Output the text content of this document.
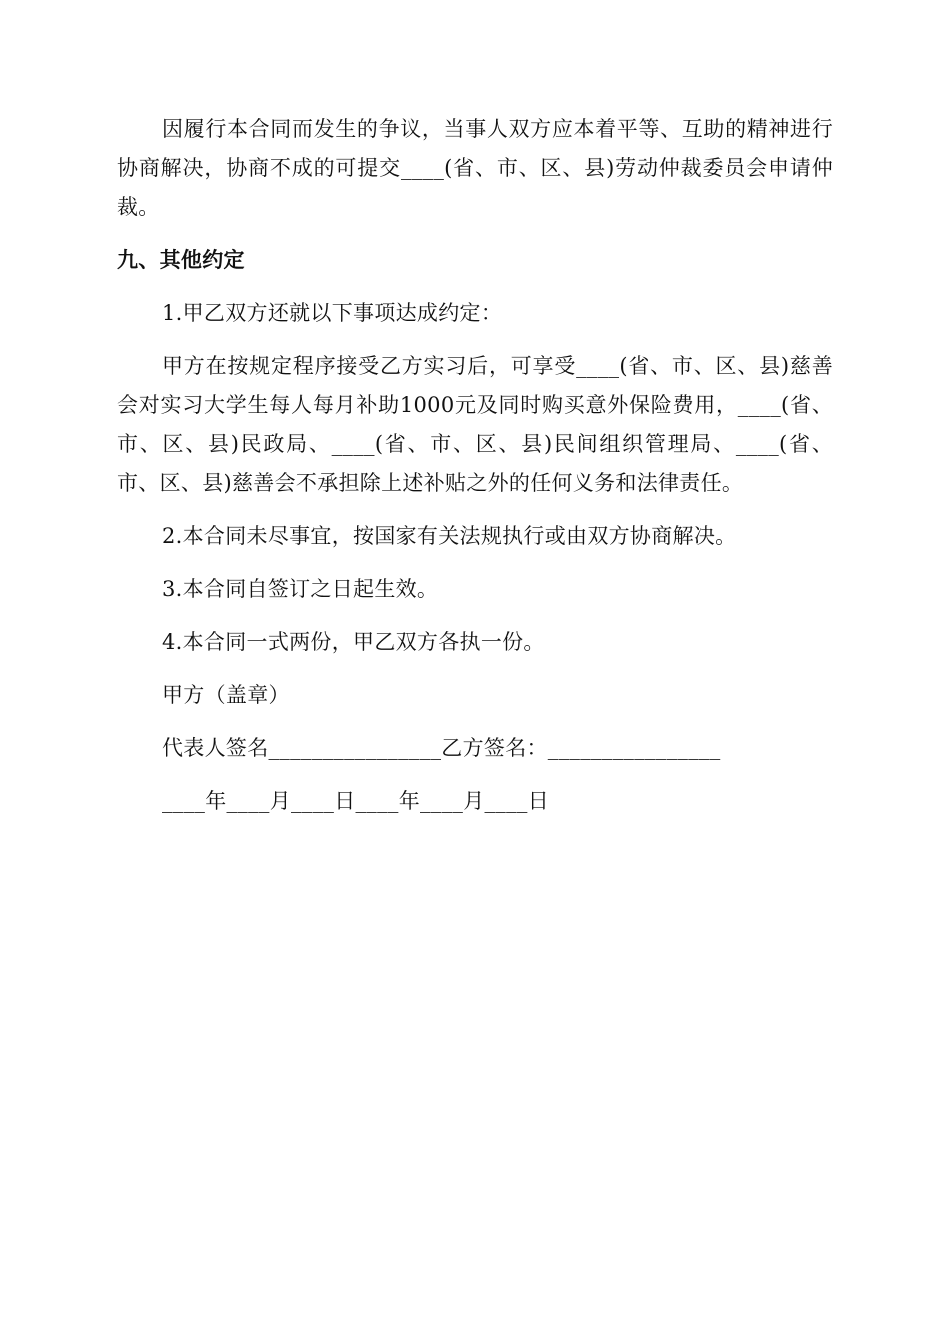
因履行本合同而发生的争议，当事人双方应本着平等、互助的精神进行协商解决，协商不成的可提交____(省、市、区、县)劳动仲裁委员会申请仲裁。

九、其他约定

1.甲乙双方还就以下事项达成约定：

甲方在按规定程序接受乙方实习后，可享受____(省、市、区、县)慈善会对实习大学生每人每月补助1000元及同时购买意外保险费用，____(省、市、区、县)民政局、____(省、市、区、县)民间组织管理局、____(省、市、区、县)慈善会不承担除上述补贴之外的任何义务和法律责任。

2.本合同未尽事宜，按国家有关法规执行或由双方协商解决。

3.本合同自签订之日起生效。

4.本合同一式两份，甲乙双方各执一份。

甲方（盖章）
代表人签名________________乙方签名：________________
____年____月____日____年____月____日
